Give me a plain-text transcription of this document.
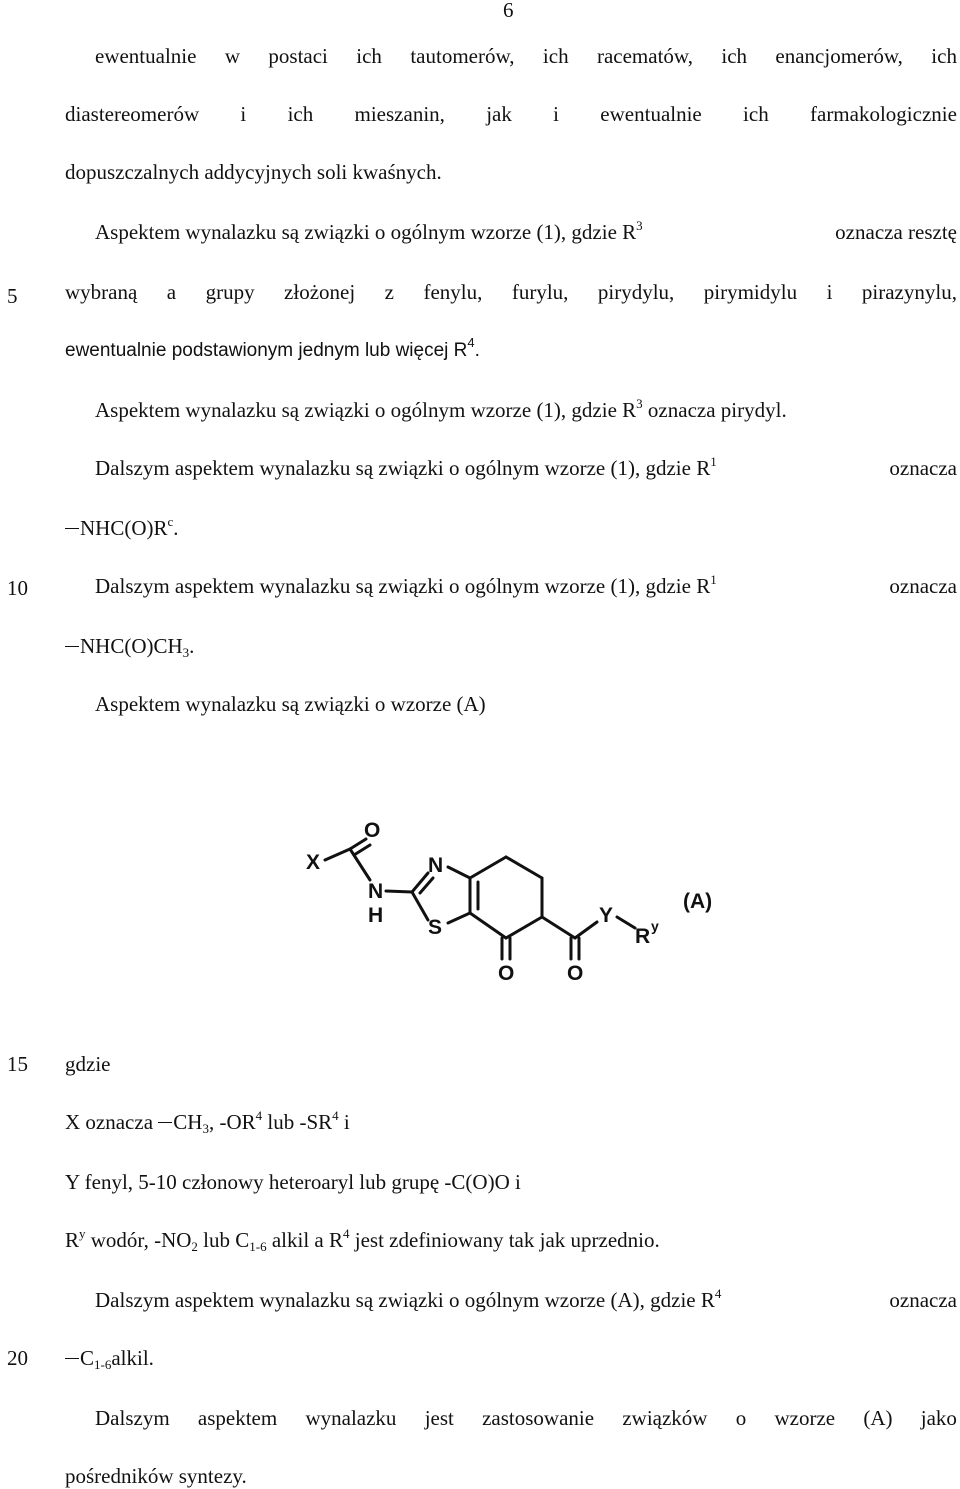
6
5
10
15
20
ewentualnie w postaci ich tautomerów, ich racematów, ich enancjomerów, ich
diastereomerów i ich mieszanin, jak i ewentualnie ich farmakologicznie
dopuszczalnych addycyjnych soli kwaśnych.
Aspektem wynalazku są związki o ogólnym wzorze (1), gdzie $R^3$	oznacza resztę
wybraną a grupy złożonej z fenylu, furylu, pirydylu, pirymidylu i pirazynylu,
ewentualnie podstawionym jednym lub więcej $R^4$.
Aspektem wynalazku są związki o ogólnym wzorze (1), gdzie $R^3$ oznacza pirydyl.
Dalszym aspektem wynalazku są związki o ogólnym wzorze (1), gdzie $R^1$	oznacza
$NHC(O)R^c$.
Dalszym aspektem wynalazku są związki o ogólnym wzorze (1), gdzie $R^1$	oznacza
$NHC(O)CH_3$.
Aspektem wynalazku są związki o wzorze (A)
X
O
N
H
N
S
O	O
Y
R y
(A)
gdzie
X oznacza $CH_3$, $-OR^4$ lub $-SR^4$ i
Y fenyl, 5-10 członowy heteroaryl lub grupę -C(O)O i
$R^y$ wodór, $-NO_2$ lub $C_{1-6}$ alkil a $R^4$ jest zdefiniowany tak jak uprzednio.
Dalszym aspektem wynalazku są związki o ogólnym wzorze (A), gdzie $R^4$	oznacza
$C_{1-6}alkil$.
Dalszym aspektem wynalazku jest zastosowanie związków o wzorze (A) jako
pośredników syntezy.
